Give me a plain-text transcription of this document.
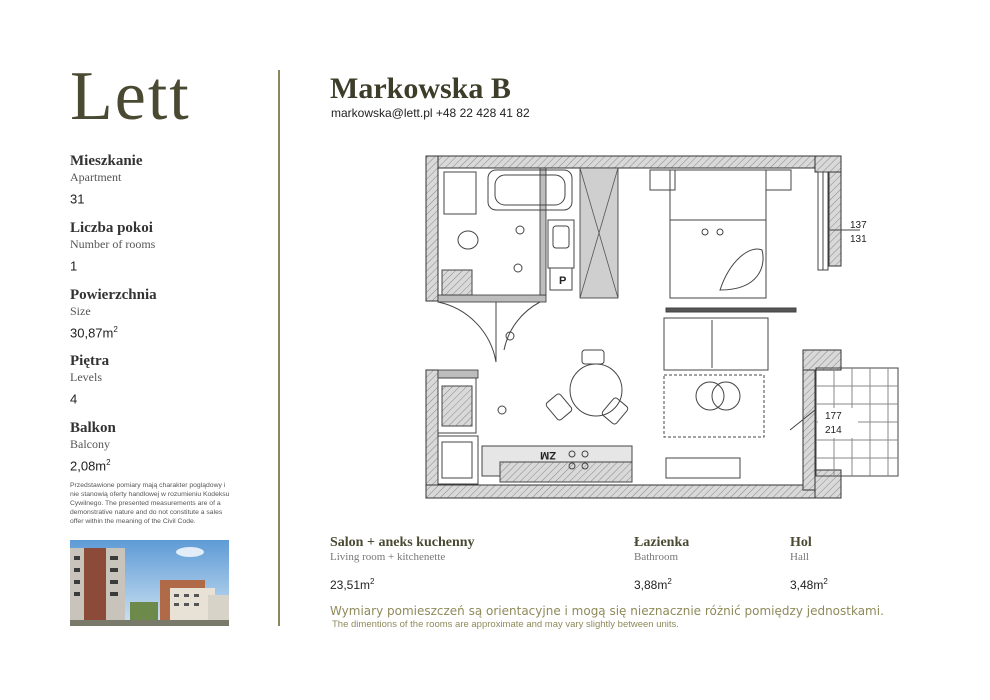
Lett
Mieszkanie
Apartment
31
Liczba pokoi
Number of rooms
1
Powierzchnia
Size
$30,87m^2$
Piętra
Levels
4
Balkon
Balcony
$2,08m^2$
Przedstawione pomiary mają charakter poglądowy i nie stanowią oferty handlowej w rozumieniu Kodeksu Cywilnego. The presented measurements are of a demonstrative nature and do not constitute a sales offer within the meaning of the Civil Code.
Markowska B
markowska@lett.pl +48 22 428 41 82
P
ZM
137
131
177
214
Salon + aneks kuchenny
Living room + kitchenette
$23,51m^2$
Łazienka
Bathroom
$3,88m^2$
Hol
Hall
$3,48m^2$
Wymiary pomieszczeń są orientacyjne i mogą się nieznacznie różnić pomiędzy jednostkami.
The dimentions of the rooms are approximate and may vary slightly between units.
